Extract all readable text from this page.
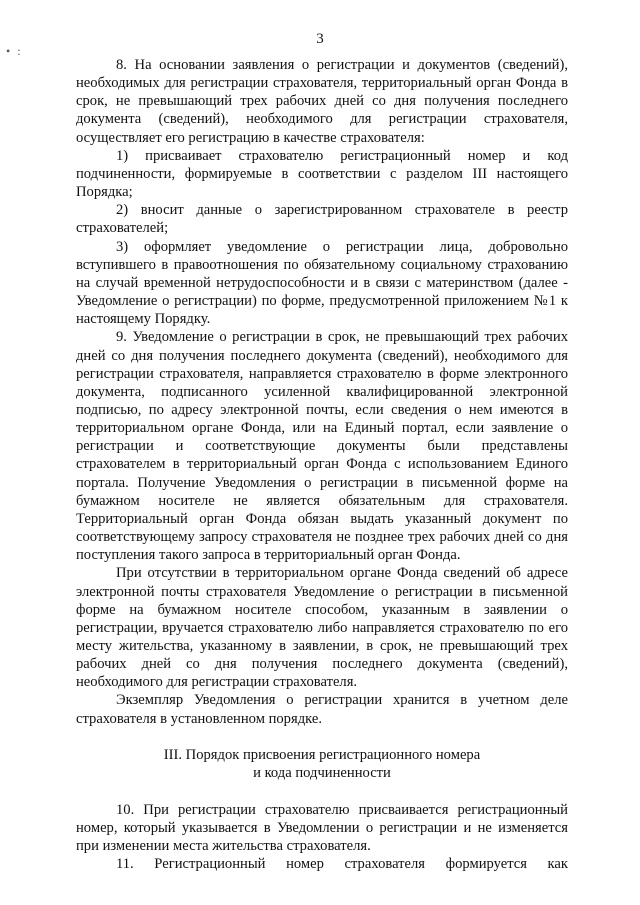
3
• :

8. На основании заявления о регистрации и документов (сведений), необходимых для регистрации страхователя, территориальный орган Фонда в срок, не превышающий трех рабочих дней со дня получения последнего документа (сведений), необходимого для регистрации страхователя, осуществляет его регистрацию в качестве страхователя:

1) присваивает страхователю регистрационный номер и код подчиненности, формируемые в соответствии с разделом III настоящего Порядка;

2) вносит данные о зарегистрированном страхователе в реестр страхователей;

3) оформляет уведомление о регистрации лица, добровольно вступившего в правоотношения по обязательному социальному страхованию на случай временной нетрудоспособности и в связи с материнством (далее - Уведомление о регистрации) по форме, предусмотренной приложением №1 к настоящему Порядку.

9. Уведомление о регистрации в срок, не превышающий трех рабочих дней со дня получения последнего документа (сведений), необходимого для регистрации страхователя, направляется страхователю в форме электронного документа, подписанного усиленной квалифицированной электронной подписью, по адресу электронной почты, если сведения о нем имеются в территориальном органе Фонда, или на Единый портал, если заявление о регистрации и соответствующие документы были представлены страхователем в территориальный орган Фонда с использованием Единого портала. Получение Уведомления о регистрации в письменной форме на бумажном носителе не является обязательным для страхователя. Территориальный орган Фонда обязан выдать указанный документ по соответствующему запросу страхователя не позднее трех рабочих дней со дня поступления такого запроса в территориальный орган Фонда.

При отсутствии в территориальном органе Фонда сведений об адресе электронной почты страхователя Уведомление о регистрации в письменной форме на бумажном носителе способом, указанным в заявлении о регистрации, вручается страхователю либо направляется страхователю по его месту жительства, указанному в заявлении, в срок, не превышающий трех рабочих дней со дня получения последнего документа (сведений), необходимого для регистрации страхователя.

Экземпляр Уведомления о регистрации хранится в учетном деле страхователя в установленном порядке.

III. Порядок присвоения регистрационного номера
и кода подчиненности

10. При регистрации страхователю присваивается регистрационный номер, который указывается в Уведомлении о регистрации и не изменяется при изменении места жительства страхователя.

11. Регистрационный номер страхователя формируется как
